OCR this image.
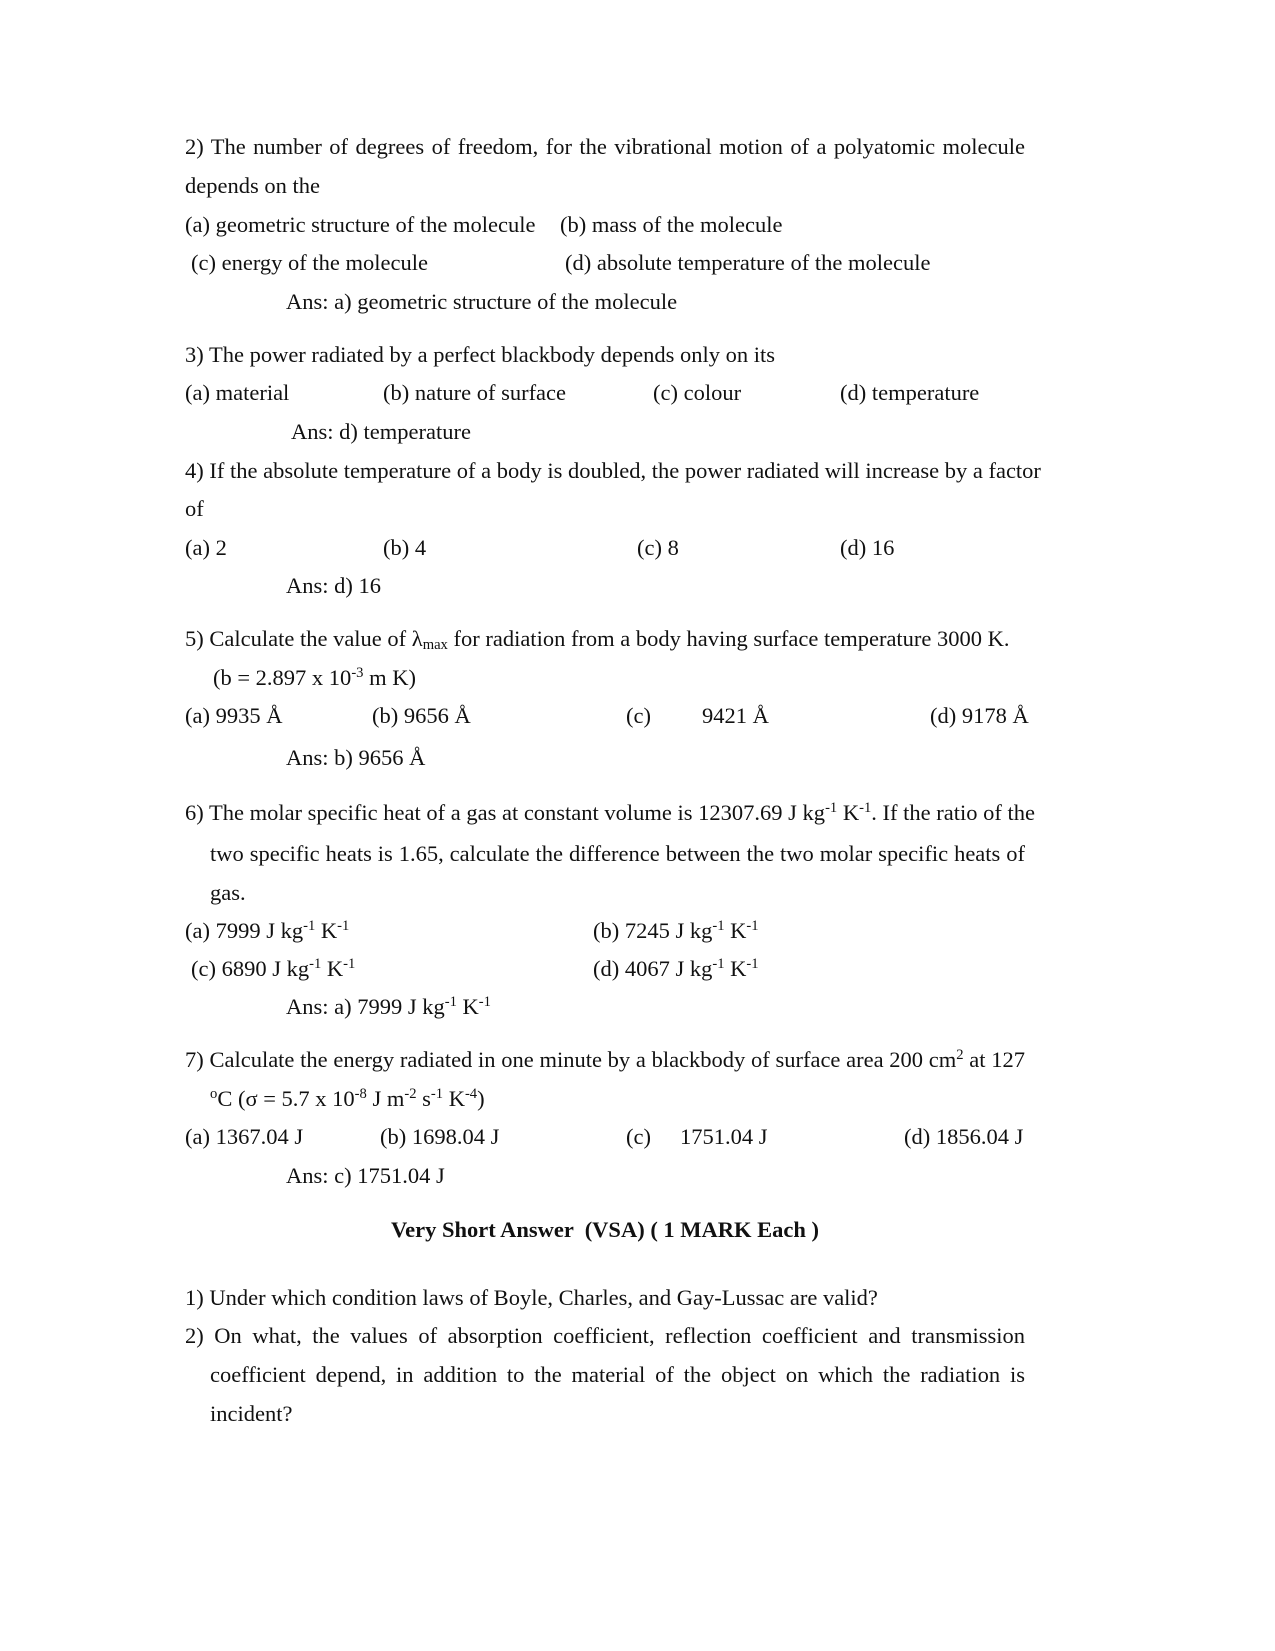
2) The number of degrees of freedom, for the vibrational motion of a polyatomic molecule
depends on the
(a) geometric structure of the molecule (b) mass of the molecule
(c) energy of the molecule	(d) absolute temperature of the molecule
Ans: a) geometric structure of the molecule
3) The power radiated by a perfect blackbody depends only on its
(a) material	(b) nature of surface	(c) colour	(d) temperature
Ans: d) temperature
4) If the absolute temperature of a body is doubled, the power radiated will increase by a factor
of
(a) 2	(b) 4	(c) 8	(d) 16
Ans: d) 16
5) Calculate the value of $\lambda_{max}$ for radiation from a body having surface temperature 3000 K.
(b = 2.897 x $10^{-3}$ m K)
(a) 9935 Å	(b) 9656 Å	(c) 9421 Å	(d) 9178 Å
Ans: b) 9656 Å
6) The molar specific heat of a gas at constant volume is 12307.69 J $kg^{-1}$ $K^{-1}$. If the ratio of the
two specific heats is 1.65, calculate the difference between the two molar specific heats of
gas.
(a) 7999 J $kg^{-1}$ $K^{-1}$	(b) 7245 J $kg^{-1}$ $K^{-1}$
(c) 6890 J $kg^{-1}$ $K^{-1}$	(d) 4067 J $kg^{-1}$ $K^{-1}$
Ans: a) 7999 J $kg^{-1}$ $K^{-1}$
7) Calculate the energy radiated in one minute by a blackbody of surface area 200 $cm^2$ at 127
$^o$C (σ = 5.7 x $10^{-8}$ J $m^{-2}$ $s^{-1}$ $K^{-4}$)
(a) 1367.04 J	(b) 1698.04 J	(c) 1751.04 J	(d) 1856.04 J
Ans: c) 1751.04 J
Very Short Answer  (VSA) ( 1 MARK Each )
1) Under which condition laws of Boyle, Charles, and Gay-Lussac are valid?
2) On what, the values of absorption coefficient, reflection coefficient and transmission
coefficient depend, in addition to the material of the object on which the radiation is
incident?
